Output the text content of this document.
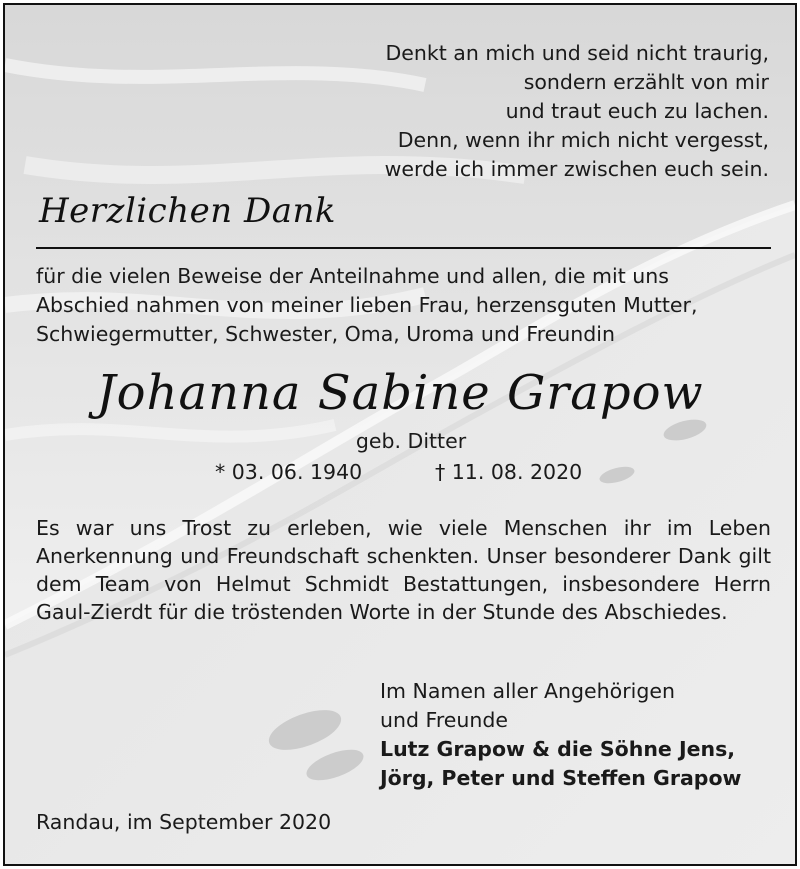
Denkt an mich und seid nicht traurig,
sondern erzählt von mir
und traut euch zu lachen.
Denn, wenn ihr mich nicht vergesst,
werde ich immer zwischen euch sein.
Herzlichen Dank
für die vielen Beweise der Anteilnahme und allen, die mit uns
Abschied nahmen von meiner lieben Frau, herzensguten Mutter,
Schwiegermutter, Schwester, Oma, Uroma und Freundin
Johanna Sabine Grapow
geb. Ditter
* 03. 06. 1940	† 11. 08. 2020
Es war uns Trost zu erleben, wie viele Menschen ihr im Leben Anerkennung und Freundschaft schenkten. Unser besonderer Dank gilt dem Team von Helmut Schmidt Bestattungen, insbesondere Herrn Gaul-Zierdt für die tröstenden Worte in der Stunde des Abschiedes.
Im Namen aller Angehörigen
und Freunde
Lutz Grapow & die Söhne Jens,
Jörg, Peter und Steffen Grapow
Randau, im September 2020
